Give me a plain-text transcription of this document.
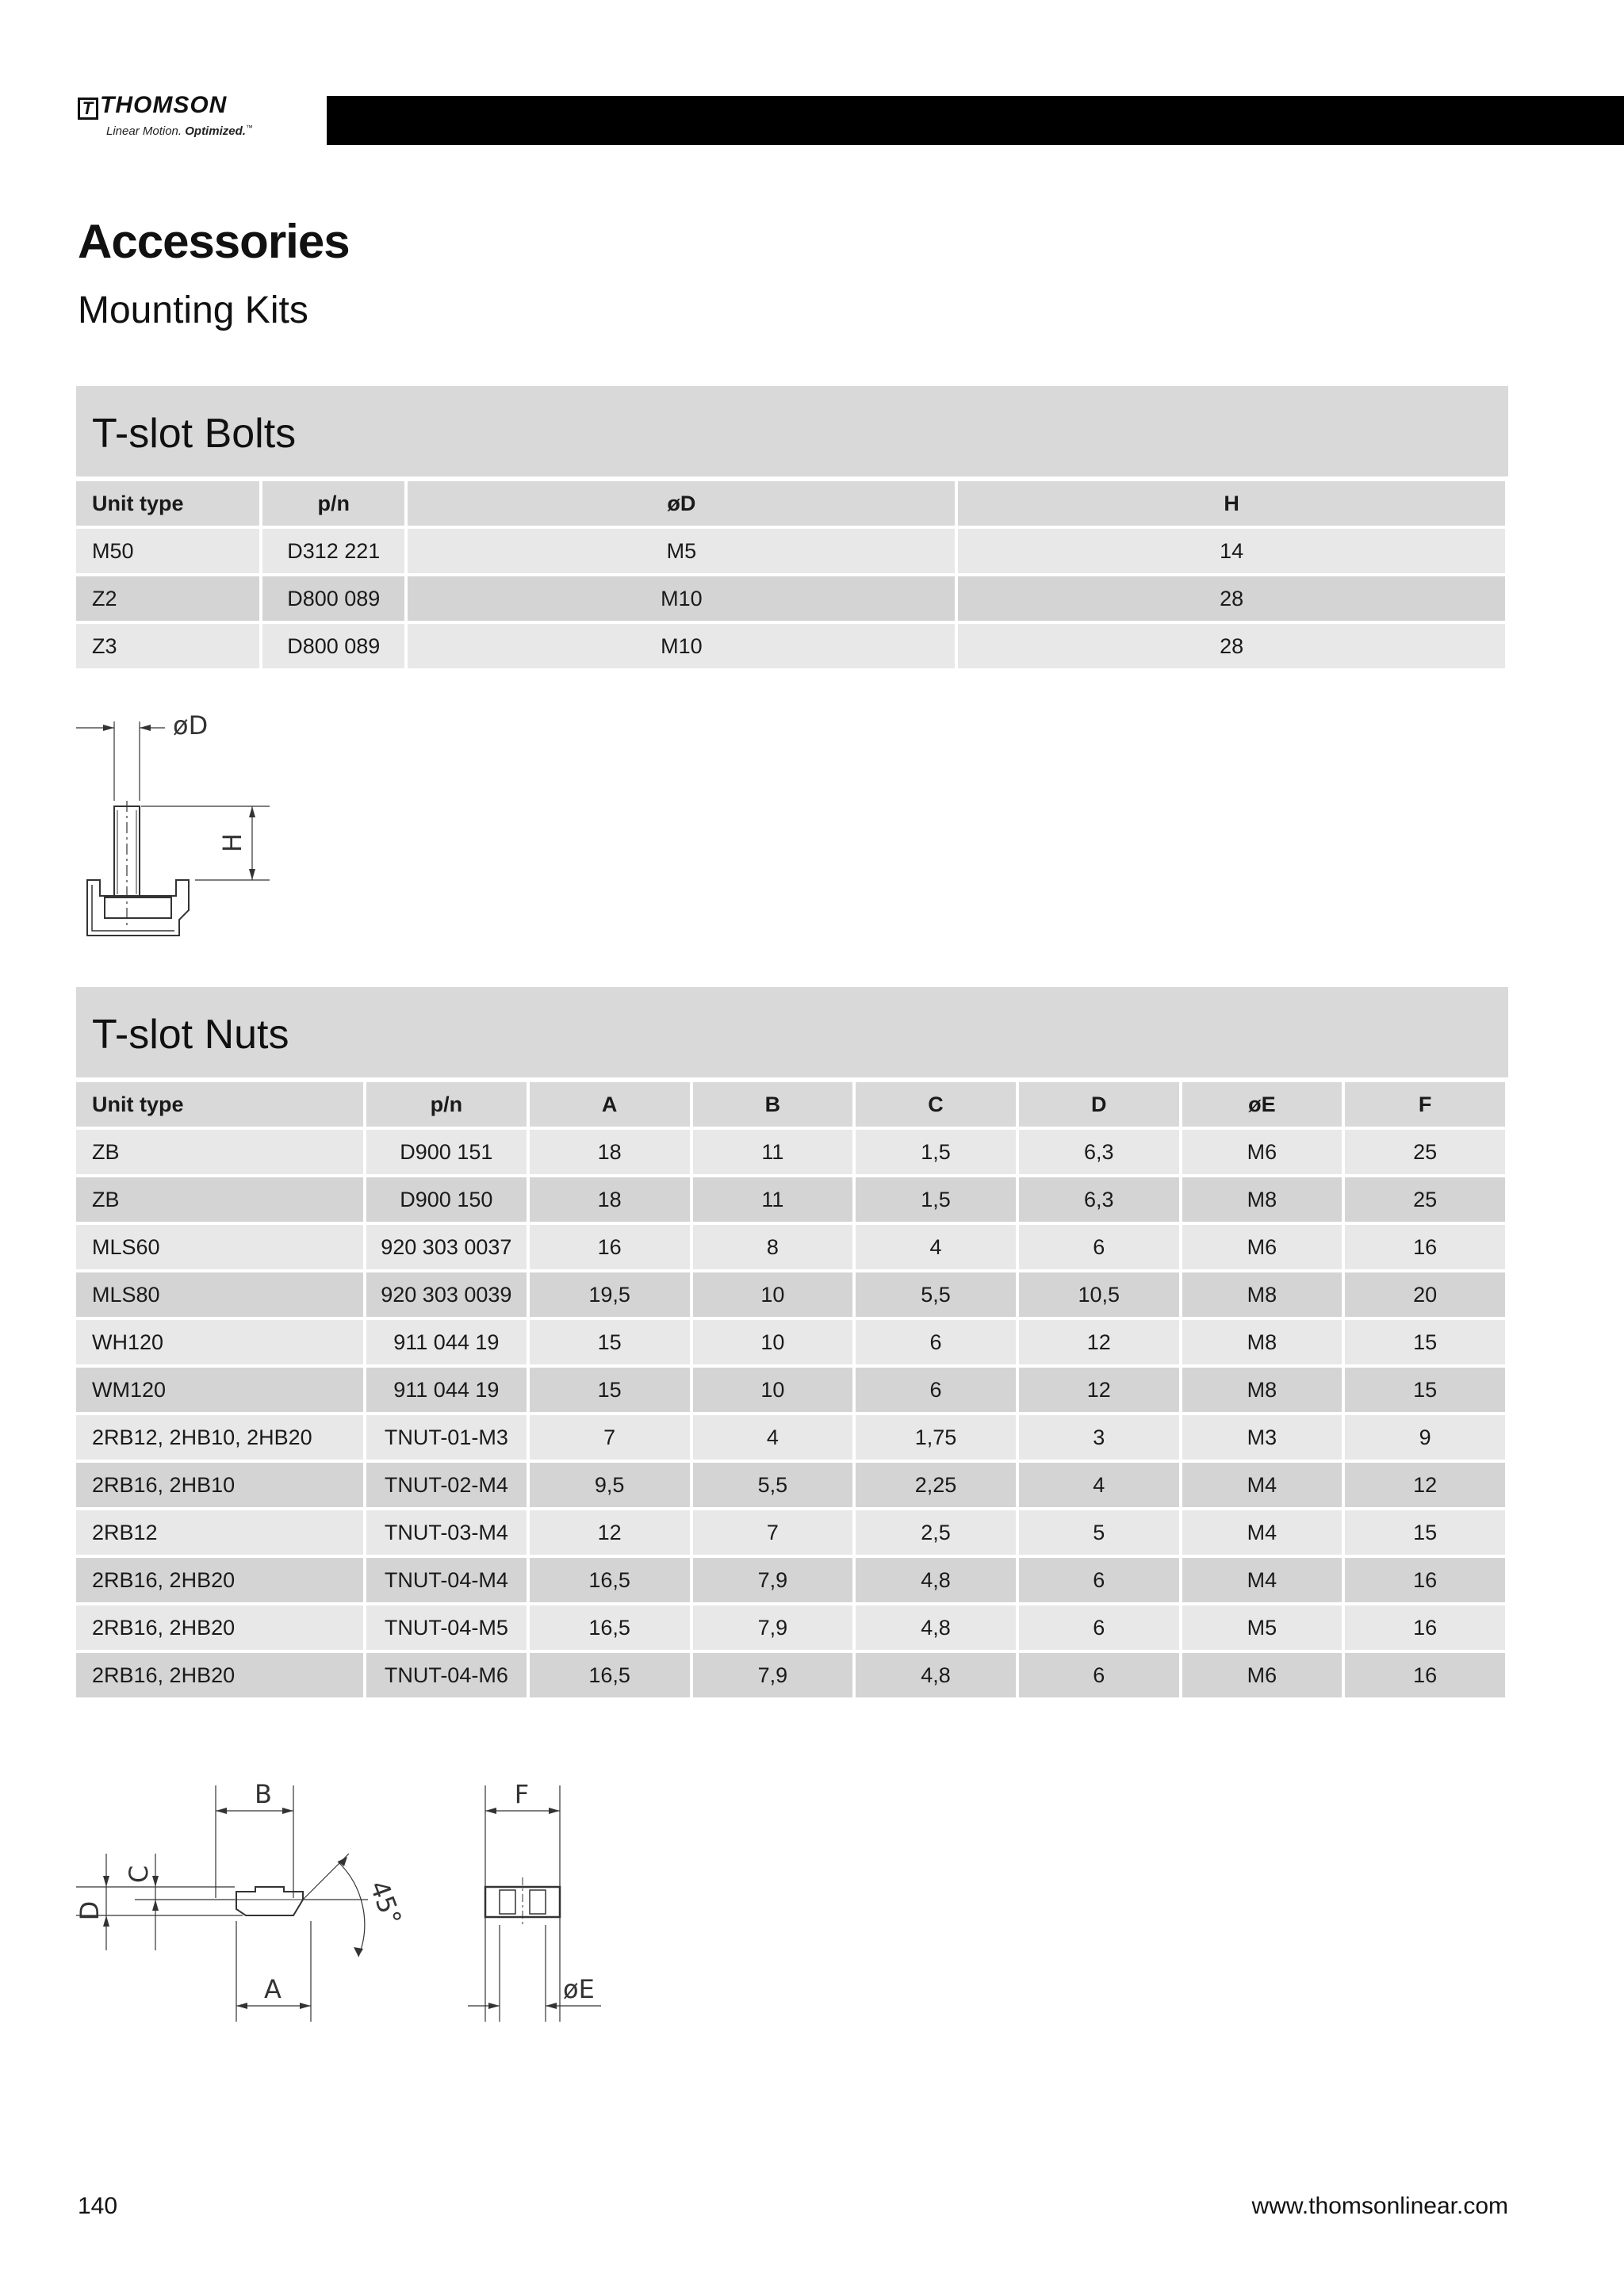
T THOMSON
Linear Motion. Optimized.™
Accessories
Mounting Kits
T-slot Bolts
Unit type	p/n	øD	H
M50	D312 221	M5	14
Z2	D800 089	M10	28
Z3	D800 089	M10	28
øD
H
T-slot Nuts
Unit type	p/n	A	B	C	D	øE	F
ZB	D900 151	18	11	1,5	6,3	M6	25
ZB	D900 150	18	11	1,5	6,3	M8	25
MLS60	920 303 0037	16	8	4	6	M6	16
MLS80	920 303 0039	19,5	10	5,5	10,5	M8	20
WH120	911 044 19	15	10	6	12	M8	15
WM120	911 044 19	15	10	6	12	M8	15
2RB12, 2HB10, 2HB20	TNUT-01-M3	7	4	1,75	3	M3	9
2RB16, 2HB10	TNUT-02-M4	9,5	5,5	2,25	4	M4	12
2RB12	TNUT-03-M4	12	7	2,5	5	M4	15
2RB16, 2HB20	TNUT-04-M4	16,5	7,9	4,8	6	M4	16
2RB16, 2HB20	TNUT-04-M5	16,5	7,9	4,8	6	M5	16
2RB16, 2HB20	TNUT-04-M6	16,5	7,9	4,8	6	M6	16
B
A
D
C
45°
F
øE
140	www.thomsonlinear.com
